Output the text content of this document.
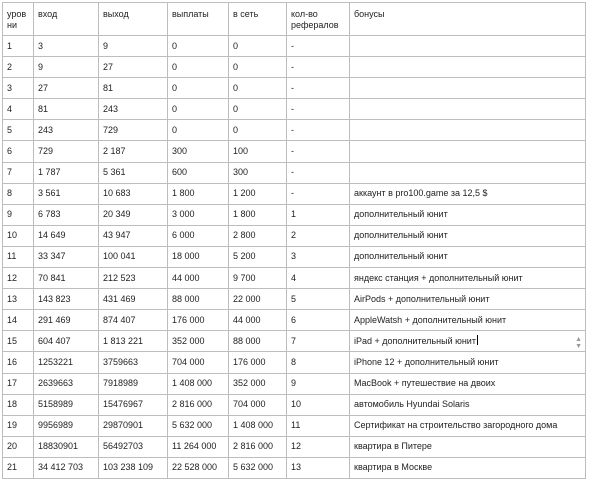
уров ни	вход	выход	выплаты	в сеть	кол-во рефералов	бонусы
1	3	9	0	0	-	
2	9	27	0	0	-	
3	27	81	0	0	-	
4	81	243	0	0	-	
5	243	729	0	0	-	
6	729	2 187	300	100	-	
7	1 787	5 361	600	300	-	
8	3 561	10 683	1 800	1 200	-	аккаунт в pro100.game за 12,5 $
9	6 783	20 349	3 000	1 800	1	дополнительный юнит
10	14 649	43 947	6 000	2 800	2	дополнительный юнит
11	33 347	100 041	18 000	5 200	3	дополнительный юнит
12	70 841	212 523	44 000	9 700	4	яндекс станция + дополнительный юнит
13	143 823	431 469	88 000	22 000	5	AirPods + дополнительный юнит
14	291 469	874 407	176 000	44 000	6	AppleWatsh + дополнительный юнит
15	604 407	1 813 221	352 000	88 000	7	iPad + дополнительный юнит
16	1253221	3759663	704 000	176 000	8	iPhone 12 + дополнительный юнит
17	2639663	7918989	1 408 000	352 000	9	MacBook + путешествие на двоих
18	5158989	15476967	2 816 000	704 000	10	автомобиль Hyundai Solaris
19	9956989	29870901	5 632 000	1 408 000	11	Сертификат на строительство загородного дома
20	18830901	56492703	11 264 000	2 816 000	12	квартира в Питере
21	34 412 703	103 238 109	22 528 000	5 632 000	13	квартира в Москве
▲
▼
